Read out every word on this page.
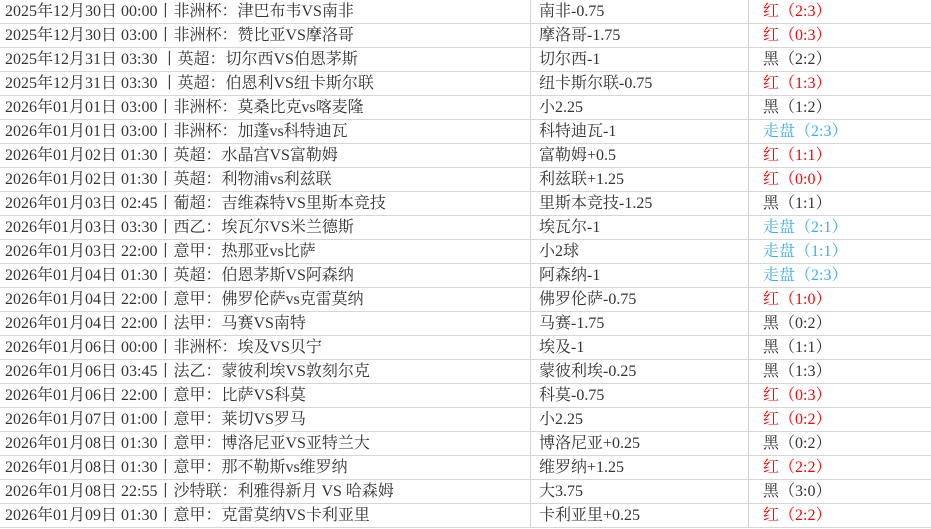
2025年12月30日 00:00丨非洲杯：津巴布韦VS南非	南非-0.75	红（2:3）
2025年12月30日 03:00丨非洲杯：赞比亚VS摩洛哥	摩洛哥-1.75	红（0:3）
2025年12月31日 03:30 丨英超：切尔西VS伯恩茅斯	切尔西-1	黑（2:2）
2025年12月31日 03:30 丨英超：伯恩利VS纽卡斯尔联	纽卡斯尔联-0.75	红（1:3）
2026年01月01日 03:00丨非洲杯：莫桑比克vs喀麦隆	小2.25	黑（1:2）
2026年01月01日 03:00丨非洲杯：加蓬vs科特迪瓦	科特迪瓦-1	走盘（2:3）
2026年01月02日 01:30丨英超：水晶宫VS富勒姆	富勒姆+0.5	红（1:1）
2026年01月02日 01:30丨英超：利物浦vs利兹联	利兹联+1.25	红（0:0）
2026年01月03日 02:45丨葡超：吉维森特VS里斯本竞技	里斯本竞技-1.25	黑（1:1）
2026年01月03日 03:30丨西乙：埃瓦尔VS米兰德斯	埃瓦尔-1	走盘（2:1）
2026年01月03日 22:00丨意甲：热那亚vs比萨	小2球	走盘（1:1）
2026年01月04日 01:30丨英超：伯恩茅斯VS阿森纳	阿森纳-1	走盘（2:3）
2026年01月04日 22:00丨意甲：佛罗伦萨vs克雷莫纳	佛罗伦萨-0.75	红（1:0）
2026年01月04日 22:00丨法甲：马赛VS南特	马赛-1.75	黑（0:2）
2026年01月06日 00:00丨非洲杯：埃及VS贝宁	埃及-1	黑（1:1）
2026年01月06日 03:45丨法乙：蒙彼利埃VS敦刻尔克	蒙彼利埃-0.25	黑（1:3）
2026年01月06日 22:00丨意甲：比萨VS科莫	科莫-0.75	红（0:3）
2026年01月07日 01:00丨意甲：莱切VS罗马	小2.25	红（0:2）
2026年01月08日 01:30丨意甲：博洛尼亚VS亚特兰大	博洛尼亚+0.25	黑（0:2）
2026年01月08日 01:30丨意甲：那不勒斯vs维罗纳	维罗纳+1.25	红（2:2）
2026年01月08日 22:55丨沙特联：利雅得新月 VS 哈森姆	大3.75	黑（3:0）
2026年01月09日 01:30丨意甲：克雷莫纳VS卡利亚里	卡利亚里+0.25	红（2:2）
